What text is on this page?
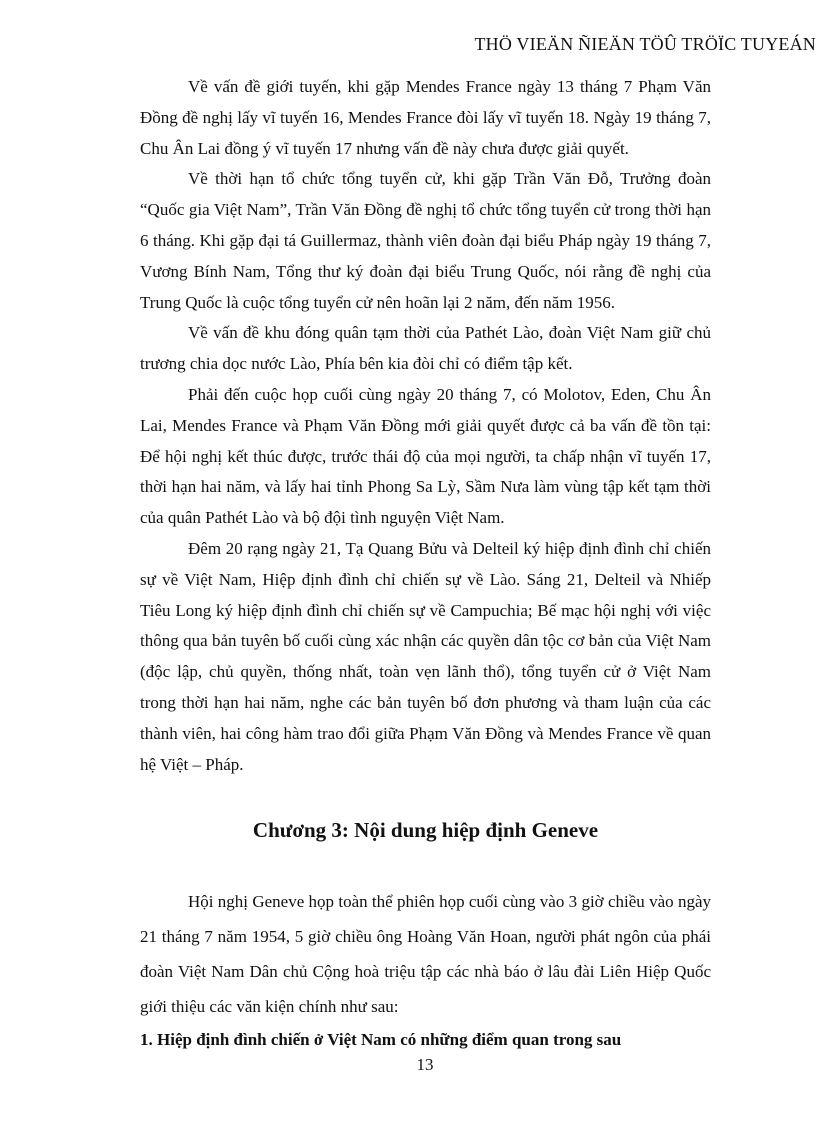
THÖ VIEÄN ÑIEÄN TÖÛ TRÖÏC TUYEÁN

Về vấn đề giới tuyến, khi gặp Mendes France ngày 13 tháng 7 Phạm Văn Đồng đề nghị lấy vĩ tuyến 16, Mendes France đòi lấy vĩ tuyến 18. Ngày 19 tháng 7, Chu Ân Lai đồng ý vĩ tuyến 17 nhưng vấn đề này chưa được giải quyết.

Về thời hạn tổ chức tổng tuyển cử, khi gặp Trần Văn Đỗ, Trưởng đoàn “Quốc gia Việt Nam”, Trần Văn Đồng đề nghị tổ chức tổng tuyển cử trong thời hạn 6 tháng. Khi gặp đại tá Guillermaz, thành viên đoàn đại biểu Pháp ngày 19 tháng 7, Vương Bính Nam, Tổng thư ký đoàn đại biểu Trung Quốc, nói rằng đề nghị của Trung Quốc là cuộc tổng tuyển cử nên hoãn lại 2 năm, đến năm 1956.

Về vấn đề khu đóng quân tạm thời của Pathét Lào, đoàn Việt Nam giữ chủ trương chia dọc nước Lào, Phía bên kia đòi chỉ có điểm tập kết.

Phải đến cuộc họp cuối cùng ngày 20 tháng 7, có Molotov, Eden, Chu Ân Lai, Mendes France và Phạm Văn Đồng mới giải quyết được cả ba vấn đề tồn tại: Để hội nghị kết thúc được, trước thái độ của mọi người, ta chấp nhận vĩ tuyến 17, thời hạn hai năm, và lấy hai tỉnh Phong Sa Lỳ, Sầm Nưa làm vùng tập kết tạm thời của quân Pathét Lào và bộ đội tình nguyện Việt Nam.

Đêm 20 rạng ngày 21, Tạ Quang Bửu và Delteil ký hiệp định đình chỉ chiến sự về Việt Nam, Hiệp định đình chỉ chiến sự về Lào. Sáng 21, Delteil và Nhiếp Tiêu Long ký hiệp định đình chỉ chiến sự về Campuchia; Bế mạc hội nghị với việc thông qua bản tuyên bố cuối cùng xác nhận các quyền dân tộc cơ bản của Việt Nam (độc lập, chủ quyền, thống nhất, toàn vẹn lãnh thổ), tổng tuyển cử ở Việt Nam trong thời hạn hai năm, nghe các bản tuyên bố đơn phương và tham luận của các thành viên, hai công hàm trao đổi giữa Phạm Văn Đồng và Mendes France về quan hệ Việt – Pháp.

Chương 3: Nội dung hiệp định Geneve

Hội nghị Geneve họp toàn thể phiên họp cuối cùng vào 3 giờ chiều vào ngày 21 tháng 7 năm 1954, 5 giờ chiều ông Hoàng Văn Hoan, người phát ngôn của phái đoàn Việt Nam Dân chủ Cộng hoà triệu tập các nhà báo ở lâu đài Liên Hiệp Quốc giới thiệu các văn kiện chính như sau:

1. Hiệp định đình chiến ở Việt Nam có những điểm quan trong sau

13
